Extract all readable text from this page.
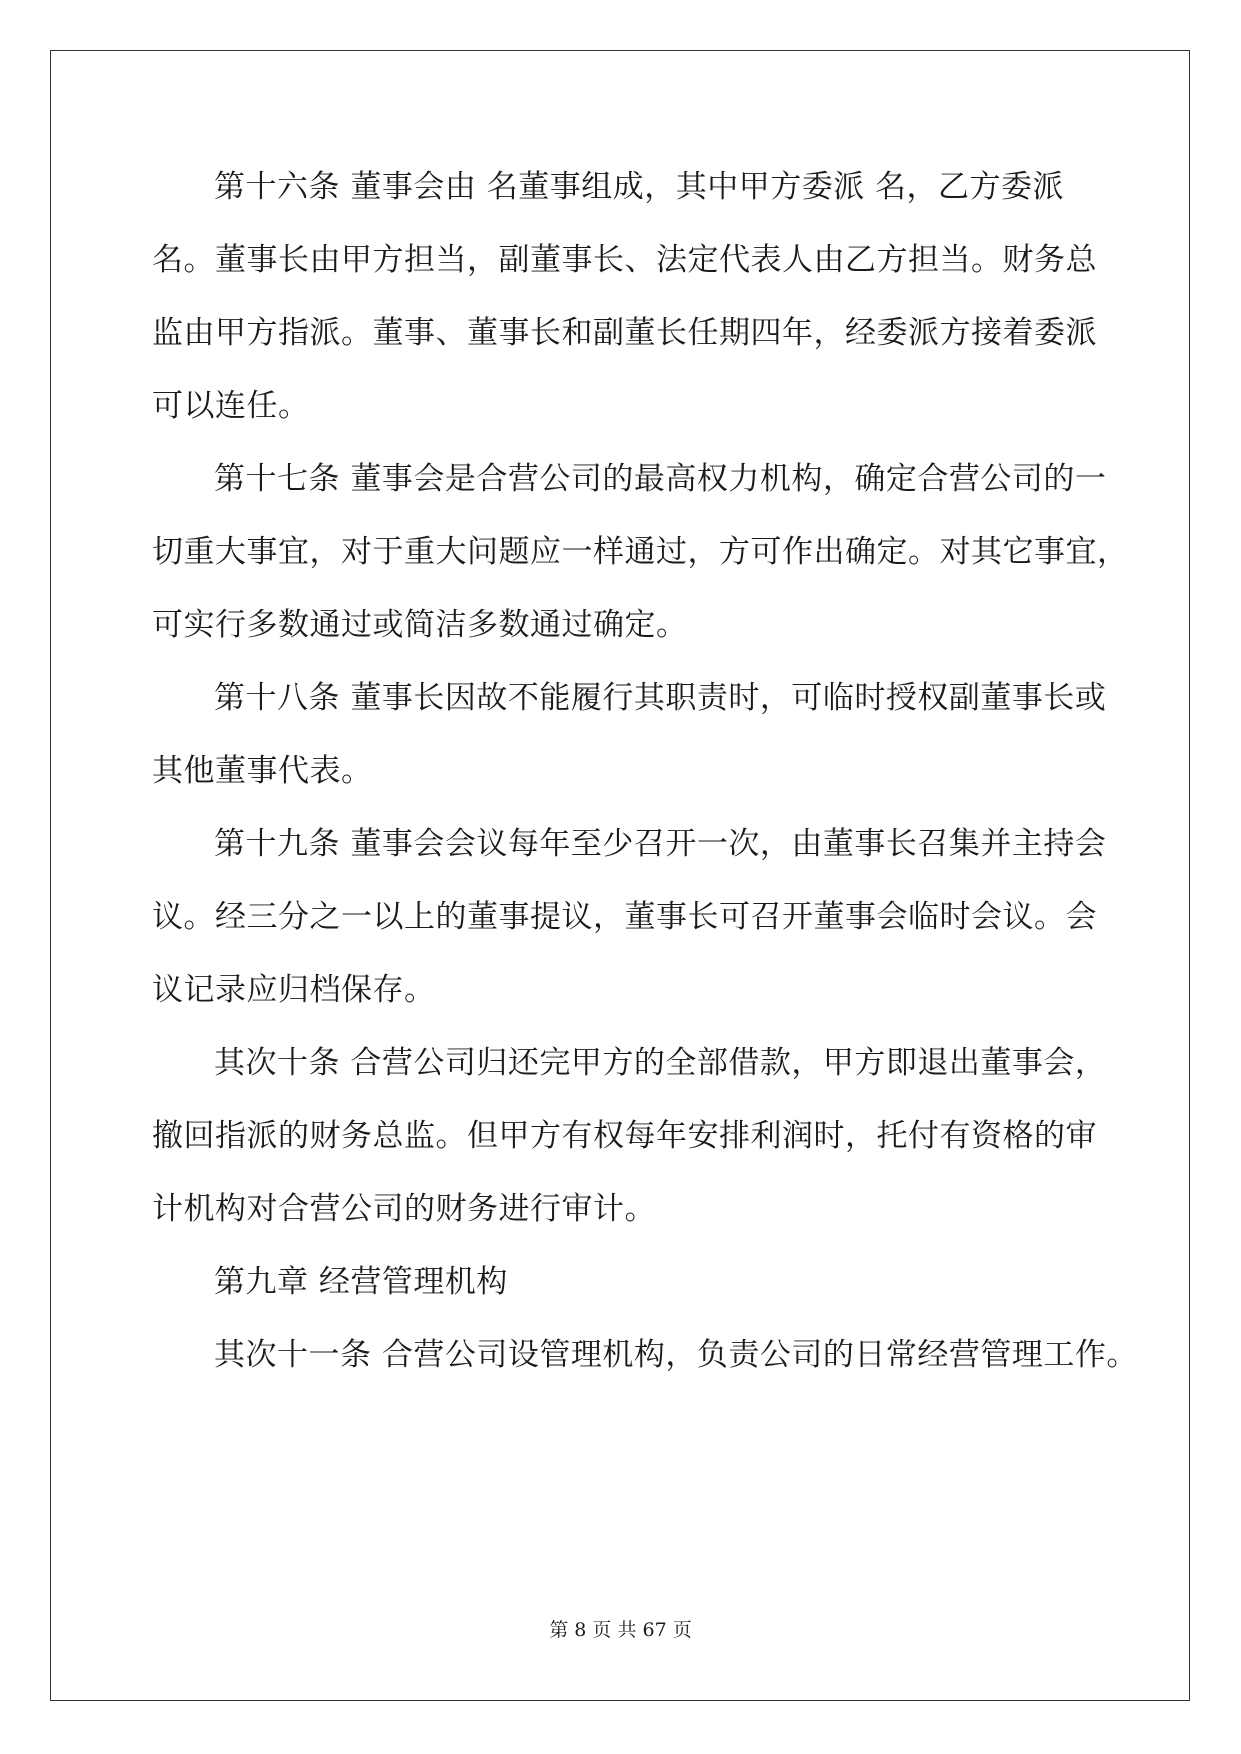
第十六条 董事会由 名董事组成，其中甲方委派 名，乙方委派
名。董事长由甲方担当，副董事长、法定代表人由乙方担当。财务总
监由甲方指派。董事、董事长和副董长任期四年，经委派方接着委派
可以连任。
第十七条 董事会是合营公司的最高权力机构，确定合营公司的一
切重大事宜，对于重大问题应一样通过，方可作出确定。对其它事宜，
可实行多数通过或简洁多数通过确定。
第十八条 董事长因故不能履行其职责时，可临时授权副董事长或
其他董事代表。
第十九条 董事会会议每年至少召开一次，由董事长召集并主持会
议。经三分之一以上的董事提议，董事长可召开董事会临时会议。会
议记录应归档保存。
其次十条 合营公司归还完甲方的全部借款，甲方即退出董事会，
撤回指派的财务总监。但甲方有权每年安排利润时，托付有资格的审
计机构对合营公司的财务进行审计。
第九章 经营管理机构
其次十一条 合营公司设管理机构，负责公司的日常经营管理工作。
第 8 页 共 67 页
